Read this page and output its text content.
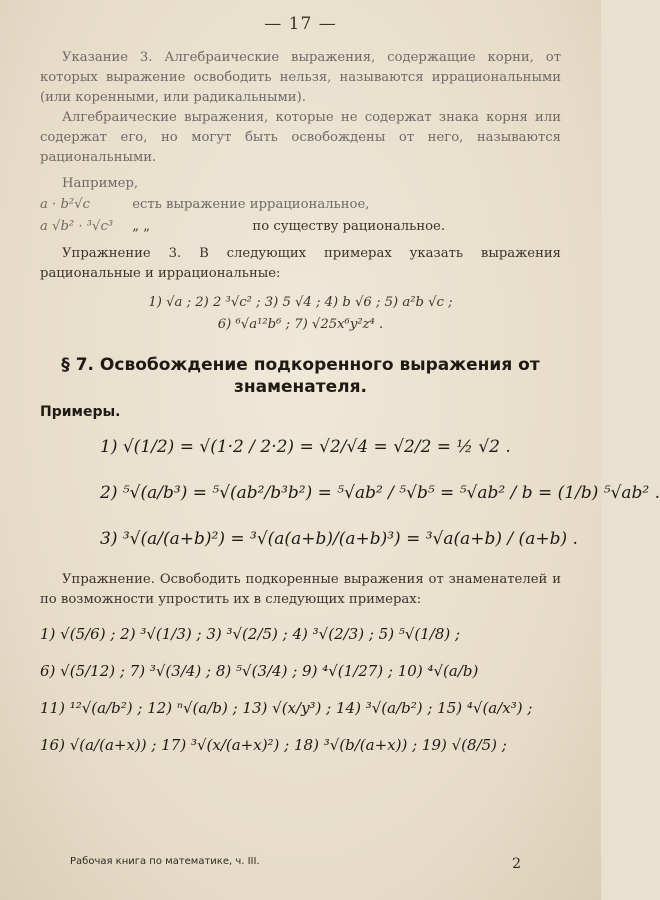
— 17 —

Указание 3. Алгебраические выражения, содержащие корни, от которых выражение освободить нельзя, называются иррациональными (или коренными, или радикальными).

Алгебраические выражения, которые не содержат знака корня или содержат его, но могут быть освобождены от него, называются рациональными.

Например,

a · b²√c	есть выражение иррациональное,
a √b² · ³√c³ „ „	по существу рациональное.

Упражнение 3. В следующих примерах указать выражения рациональные и иррациональные:

1) √a ; 2) 2 ³√c² ; 3) 5 √4 ; 4) b √6 ; 5) a²b √c ;
6) ⁶√a¹²b⁶ ; 7) √25x⁶y²z⁴ .
§ 7. Освобождение подкоренного выражения от знаменателя.
Примеры.
1) √(1/2) = √(1·2 / 2·2) = √2/√4 = √2/2 = ½ √2 .
2) ⁵√(a/b³) = ⁵√(ab²/b³b²) = ⁵√ab² / ⁵√b⁵ = ⁵√ab² / b = (1/b) ⁵√ab² .
3) ³√(a/(a+b)²) = ³√(a(a+b)/(a+b)³) = ³√a(a+b) / (a+b) .

Упражнение. Освободить подкоренные выражения от знаменателей и по возможности упростить их в следующих примерах:

1) √(5/6) ; 2) ³√(1/3) ; 3) ³√(2/5) ; 4) ³√(2/3) ; 5) ⁵√(1/8) ;
6) √(5/12) ; 7) ³√(3/4) ; 8) ⁵√(3/4) ; 9) ⁴√(1/27) ; 10) ⁴√(a/b)
11) ¹²√(a/b²) ; 12) ⁿ√(a/b) ; 13) √(x/y³) ; 14) ³√(a/b²) ; 15) ⁴√(a/x³) ;
16) √(a/(a+x)) ; 17) ³√(x/(a+x)²) ; 18) ³√(b/(a+x)) ; 19) √(8/5) ;
Рабочая книга по математике, ч. III.	2
